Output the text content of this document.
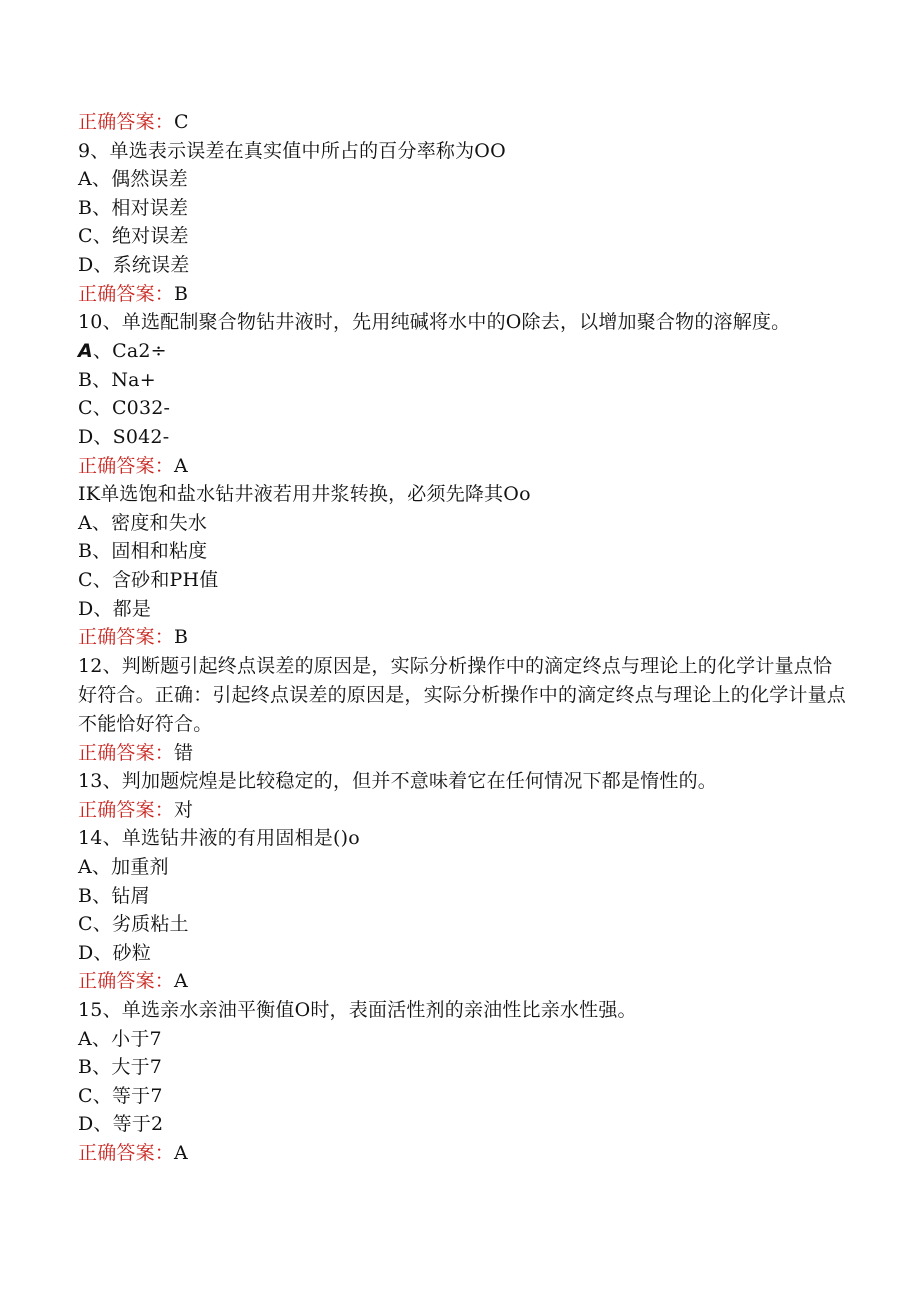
正确答案：C
9、单选表示误差在真实值中所占的百分率称为OO
A、偶然误差
B、相对误差
C、绝对误差
D、系统误差
正确答案：B
10、单选配制聚合物钻井液时，先用纯碱将水中的O除去，以增加聚合物的溶解度。
A、Ca2÷
B、Na+
C、C032-
D、S042-
正确答案：A
IK单选饱和盐水钻井液若用井浆转换，必须先降其Oo
A、密度和失水
B、固相和粘度
C、含砂和PH值
D、都是
正确答案：B
12、判断题引起终点误差的原因是，实际分析操作中的滴定终点与理论上的化学计量点恰好符合。正确：引起终点误差的原因是，实际分析操作中的滴定终点与理论上的化学计量点不能恰好符合。
正确答案：错
13、判加题烷煌是比较稳定的，但并不意味着它在任何情况下都是惰性的。
正确答案：对
14、单选钻井液的有用固相是()o
A、加重剂
B、钻屑
C、劣质粘土
D、砂粒
正确答案：A
15、单选亲水亲油平衡值O时，表面活性剂的亲油性比亲水性强。
A、小于7
B、大于7
C、等于7
D、等于2
正确答案：A
